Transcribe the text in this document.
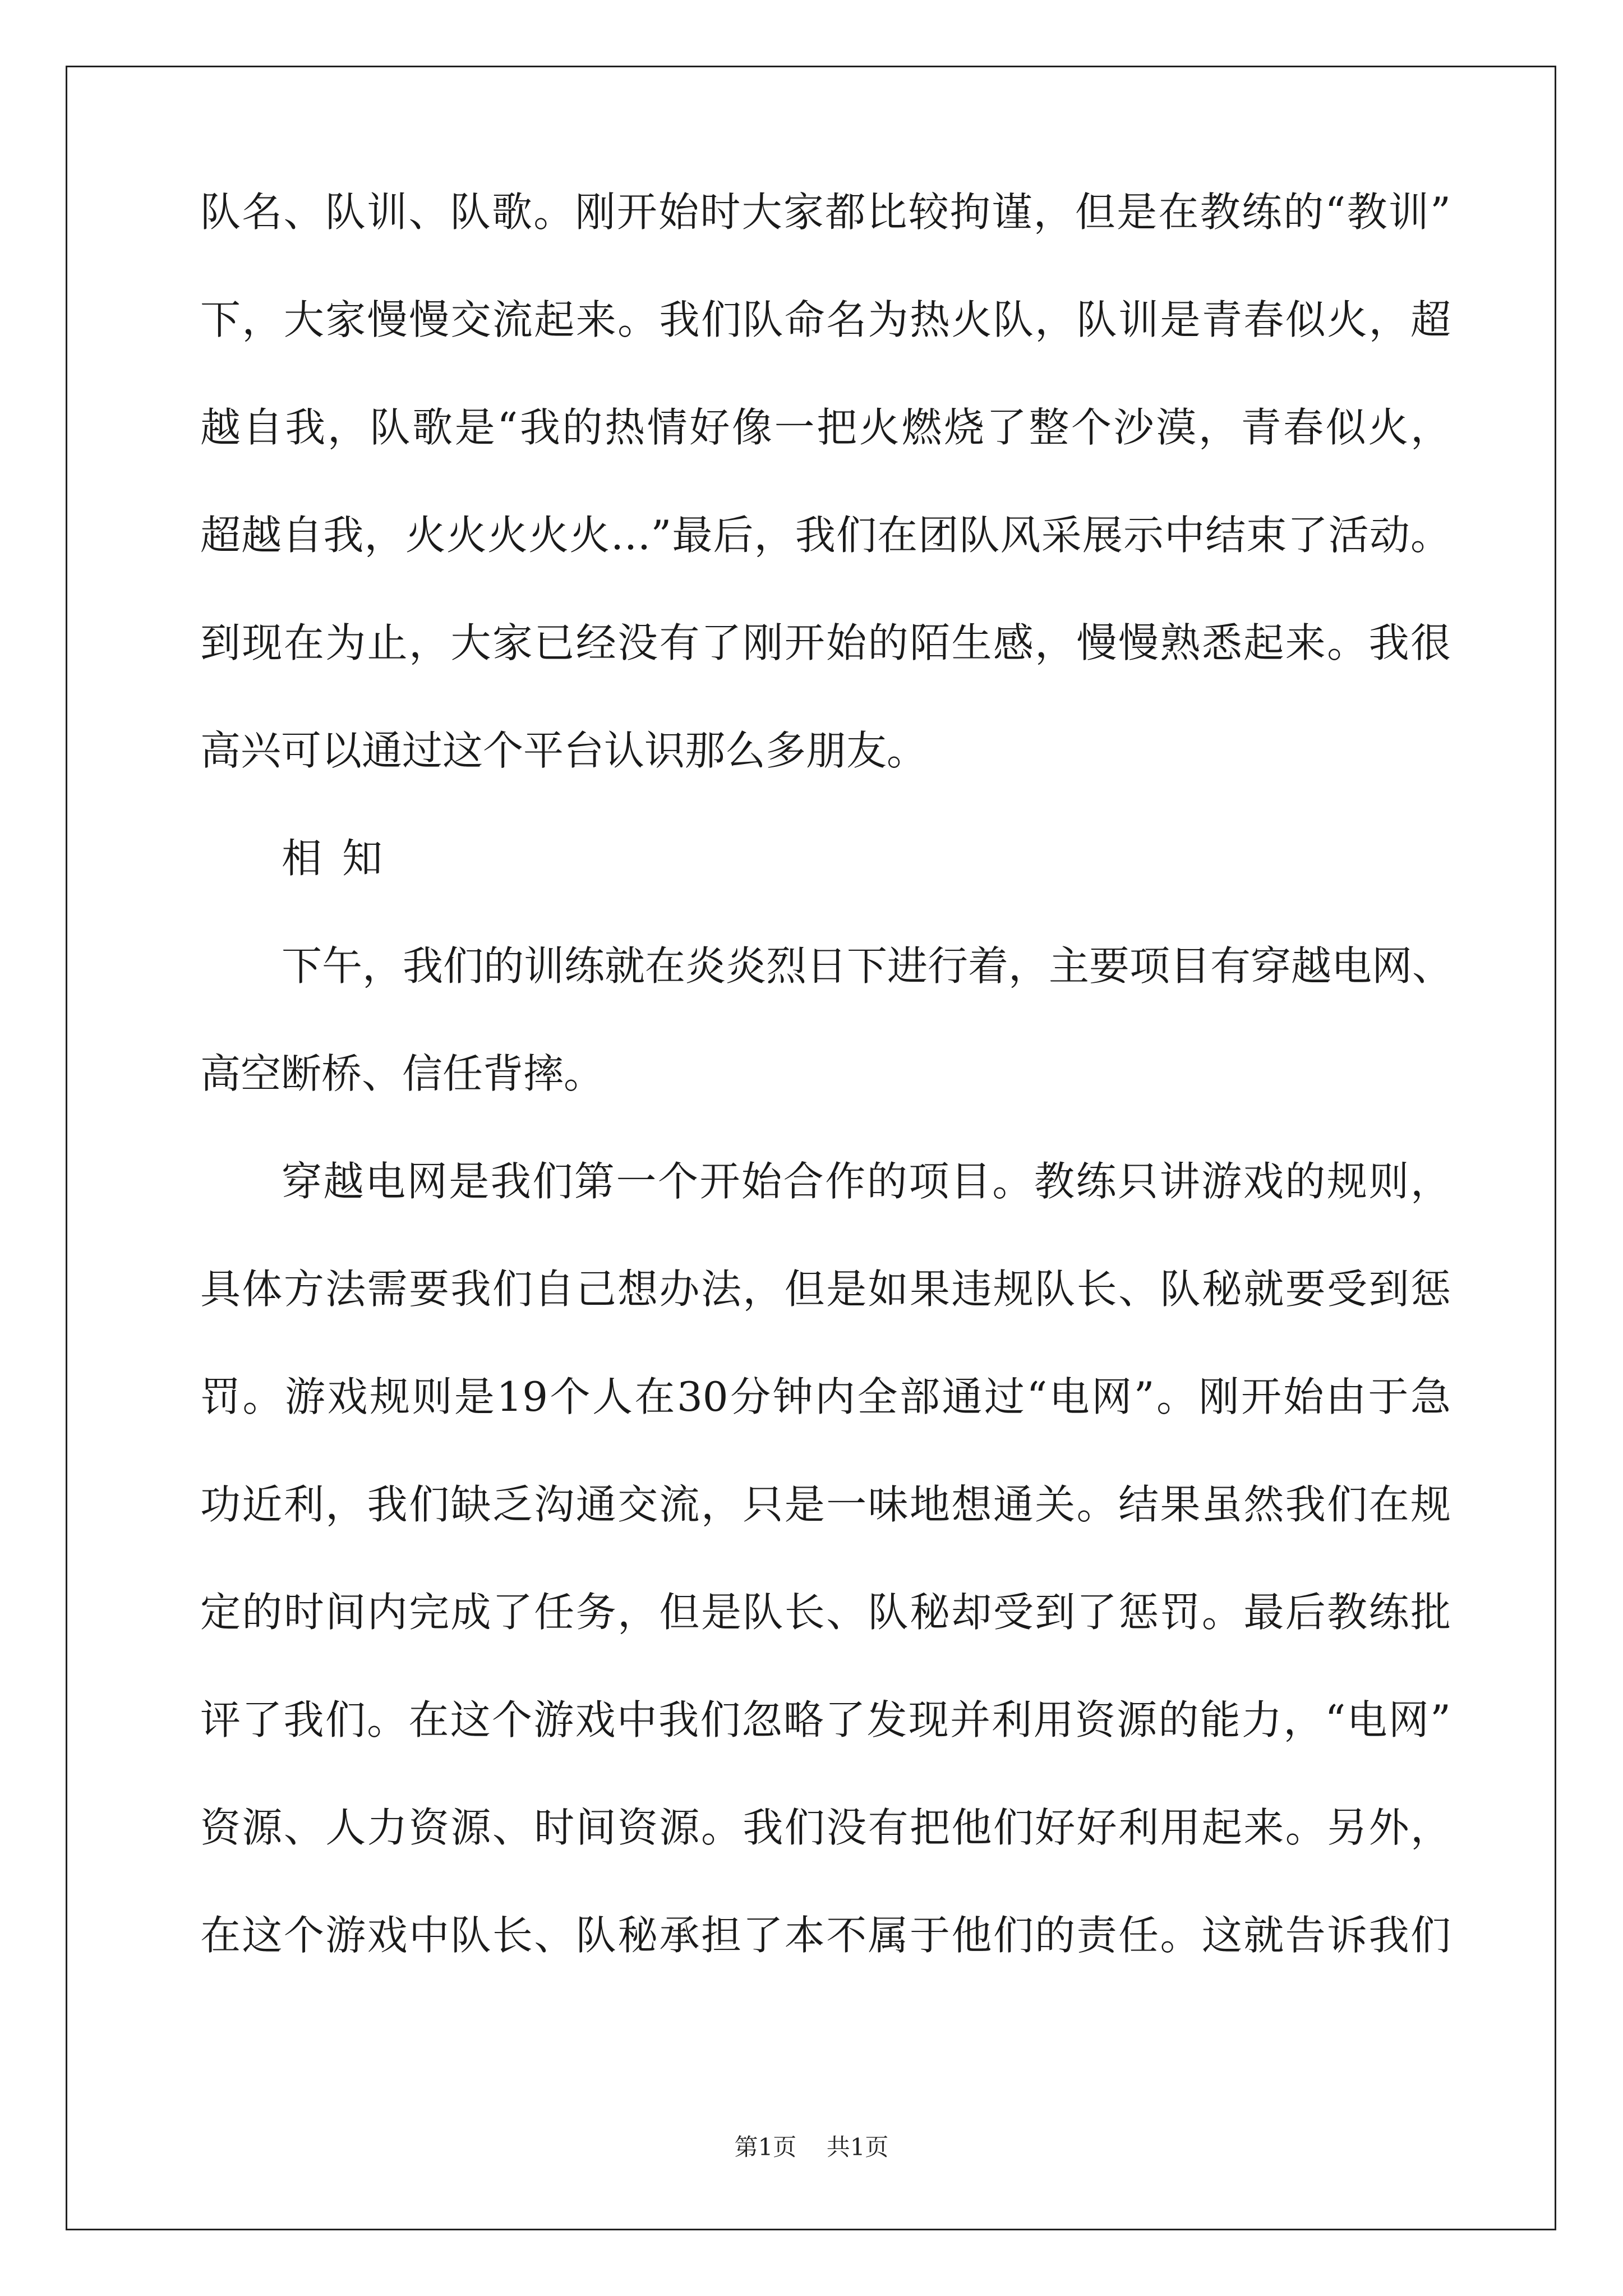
队名、队训、队歌。刚开始时大家都比较拘谨，但是在教练的“教训”
下，大家慢慢交流起来。我们队命名为热火队，队训是青春似火，超
越自我，队歌是“我的热情好像一把火燃烧了整个沙漠，青春似火，
超越自我，火火火火火…”最后，我们在团队风采展示中结束了活动。
到现在为止，大家已经没有了刚开始的陌生感，慢慢熟悉起来。我很
高兴可以通过这个平台认识那么多朋友。
相知
下午，我们的训练就在炎炎烈日下进行着，主要项目有穿越电网、
高空断桥、信任背摔。
穿越电网是我们第一个开始合作的项目。教练只讲游戏的规则，
具体方法需要我们自己想办法，但是如果违规队长、队秘就要受到惩
罚。游戏规则是19个人在30分钟内全部通过“电网”。刚开始由于急
功近利，我们缺乏沟通交流，只是一味地想通关。结果虽然我们在规
定的时间内完成了任务，但是队长、队秘却受到了惩罚。最后教练批
评了我们。在这个游戏中我们忽略了发现并利用资源的能力，“电网”
资源、人力资源、时间资源。我们没有把他们好好利用起来。另外，
在这个游戏中队长、队秘承担了本不属于他们的责任。这就告诉我们
第1页 共1页
